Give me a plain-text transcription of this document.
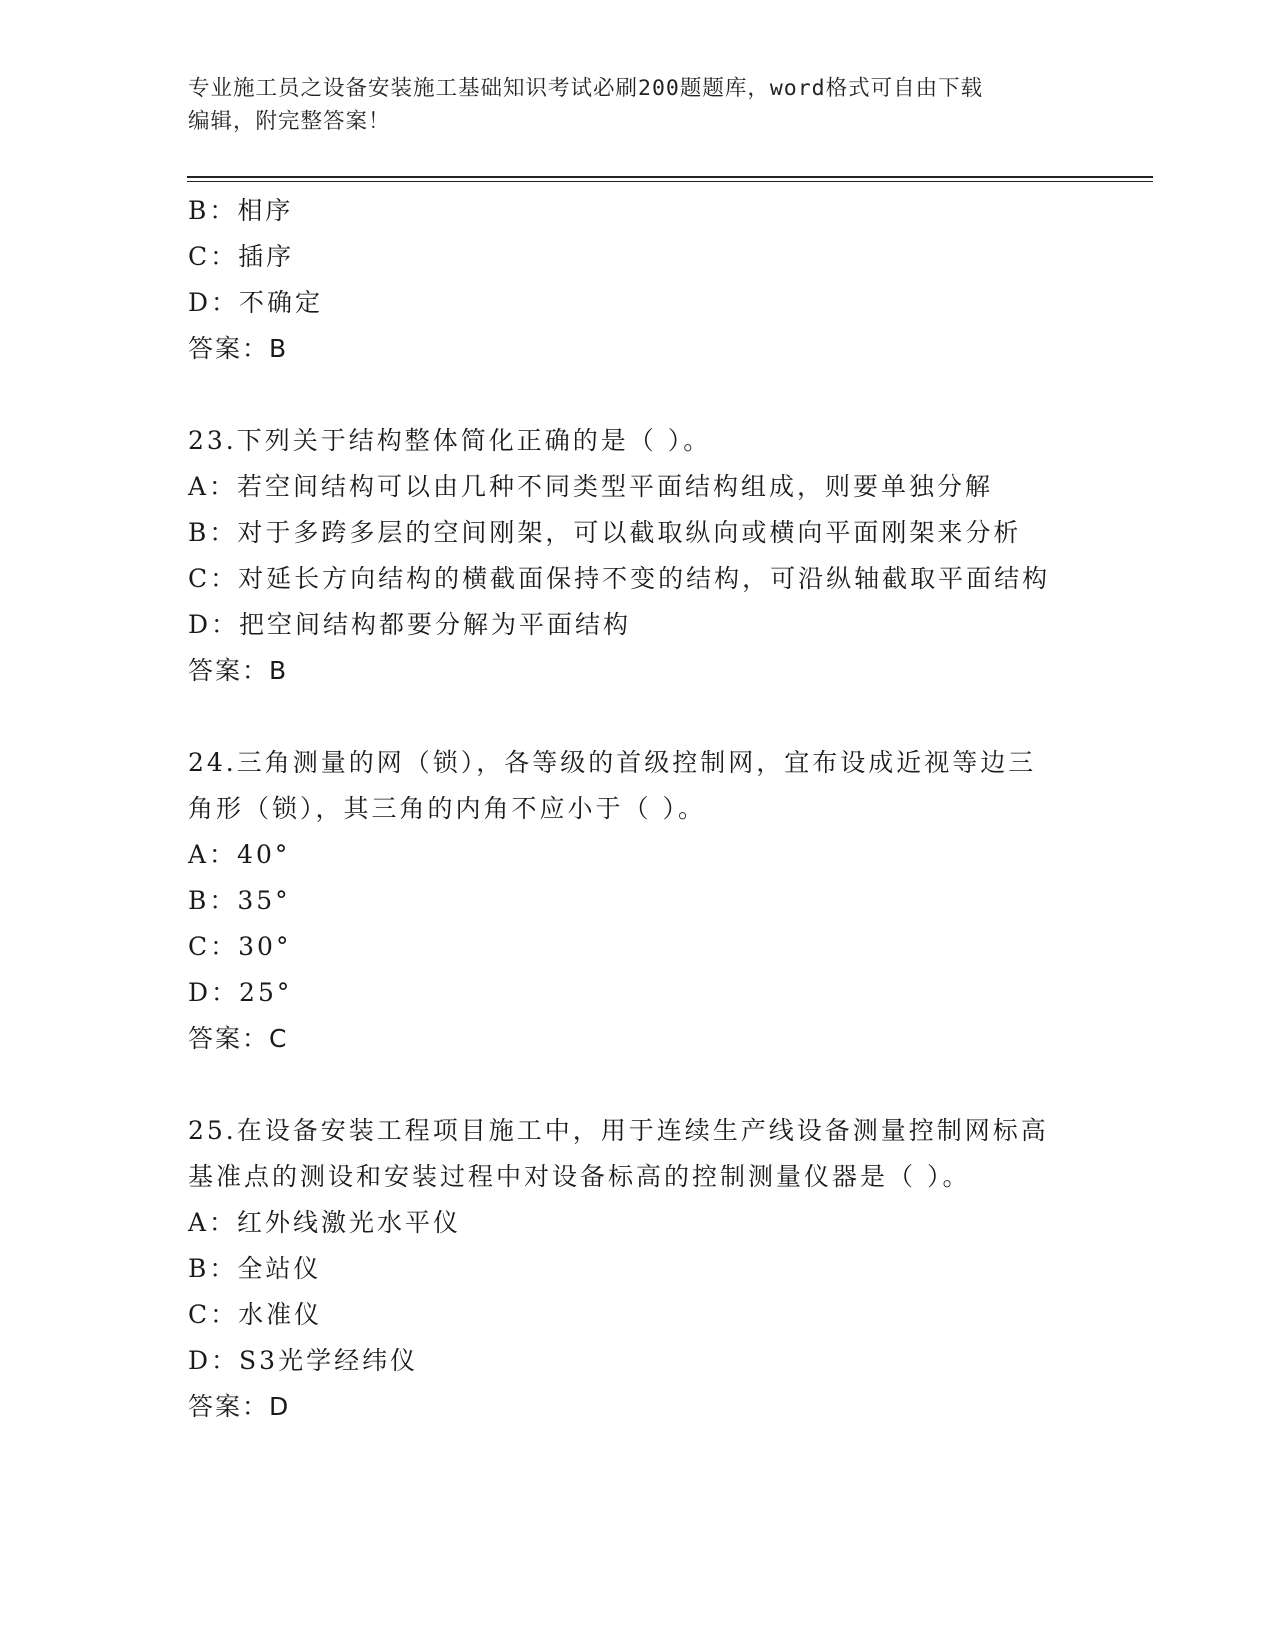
专业施工员之设备安装施工基础知识考试必刷200题题库，word格式可自由下载
编辑，附完整答案！
B：相序
C：插序
D：不确定
答案：B
23.下列关于结构整体简化正确的是（ ）。
A：若空间结构可以由几种不同类型平面结构组成，则要单独分解
B：对于多跨多层的空间刚架，可以截取纵向或横向平面刚架来分析
C：对延长方向结构的横截面保持不变的结构，可沿纵轴截取平面结构
D：把空间结构都要分解为平面结构
答案：B
24.三角测量的网（锁），各等级的首级控制网，宜布设成近视等边三
角形（锁），其三角的内角不应小于（ ）。
A：40°
B：35°
C：30°
D：25°
答案：C
25.在设备安装工程项目施工中，用于连续生产线设备测量控制网标高
基准点的测设和安装过程中对设备标高的控制测量仪器是（ ）。
A：红外线激光水平仪
B：全站仪
C：水准仪
D：S3光学经纬仪
答案：D
